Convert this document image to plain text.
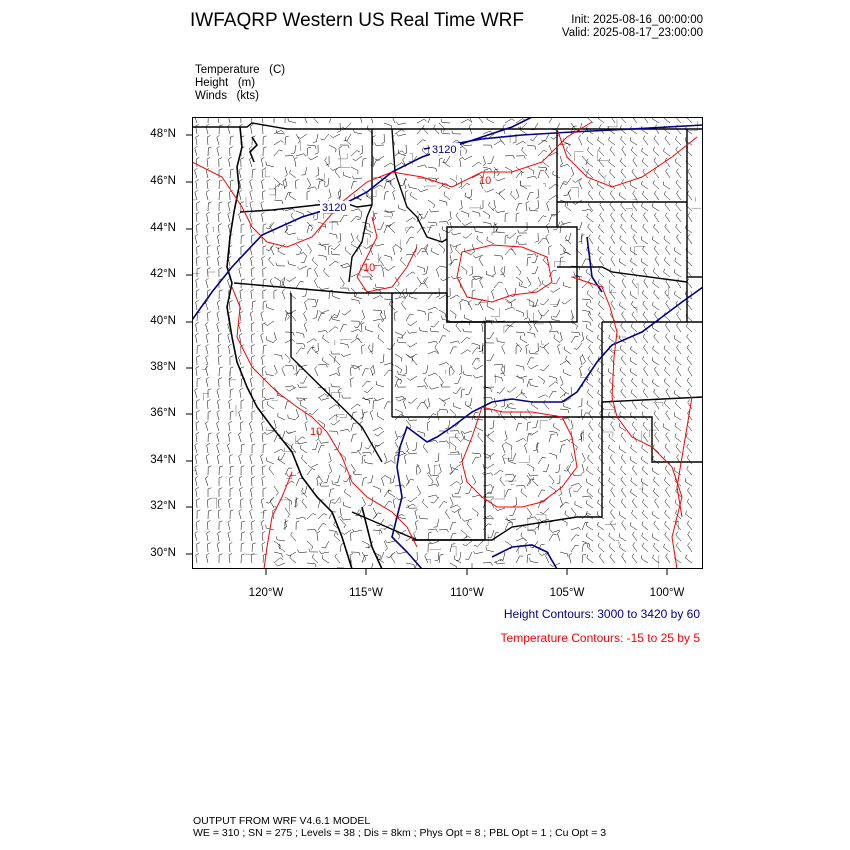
IWFAQRP Western US Real Time WRF	Init: 2025-08-16_00:00:00
Valid: 2025-08-17_23:00:00
Temperature (C)
Height (m)
Winds (kts)
48°N
46°N
44°N
42°N
40°N
38°N
36°N
34°N
32°N
30°N
120°W	115°W	110°W	105°W	100°W
3120
3120
10
10
10
Height Contours: 3000 to 3420 by 60
Temperature Contours: -15 to 25 by 5
OUTPUT FROM WRF V4.6.1 MODEL
WE = 310 ; SN = 275 ; Levels = 38 ; Dis = 8km ; Phys Opt = 8 ; PBL Opt = 1 ; Cu Opt = 3
